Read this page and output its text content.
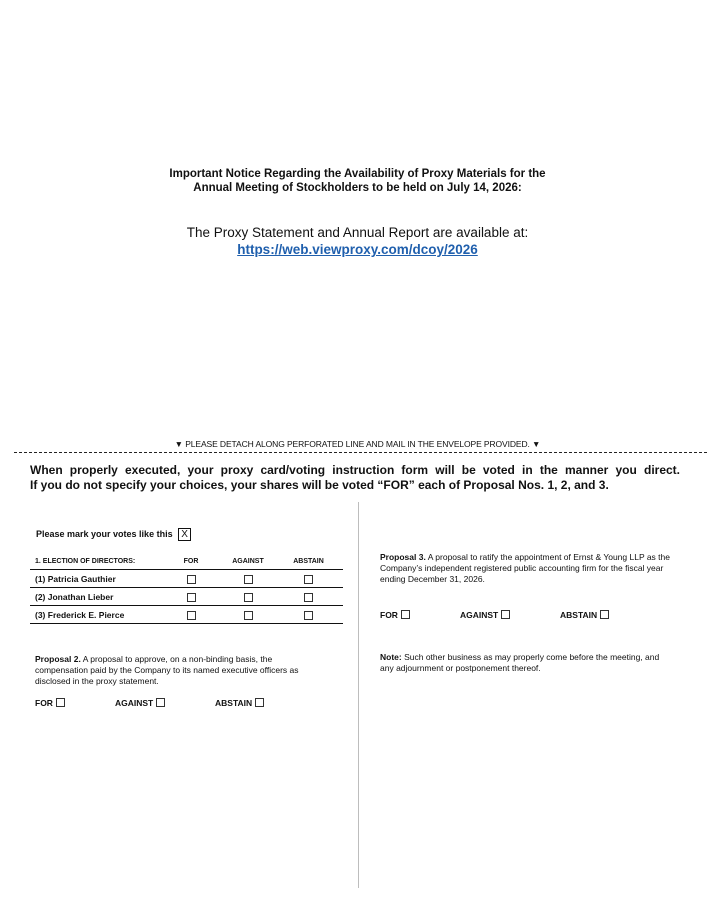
Important Notice Regarding the Availability of Proxy Materials for the
Annual Meeting of Stockholders to be held on July 14, 2026:
The Proxy Statement and Annual Report are available at:
https://web.viewproxy.com/dcoy/2026
▼ PLEASE DETACH ALONG PERFORATED LINE AND MAIL IN THE ENVELOPE PROVIDED. ▼
When properly executed, your proxy card/voting instruction form will be voted in the manner you direct.
If you do not specify your choices, your shares will be voted “FOR” each of Proposal Nos. 1, 2, and 3.
Please mark your votes like this X
1. ELECTION OF DIRECTORS:	FOR	AGAINST	ABSTAIN
(1) Patricia Gauthier			
(2) Jonathan Lieber			
(3) Frederick E. Pierce			
Proposal 2. A proposal to approve, on a non-binding basis, the compensation paid by the Company to its named executive officers as disclosed in the proxy statement.
FOR	AGAINST	ABSTAIN
Proposal 3. A proposal to ratify the appointment of Ernst & Young LLP as the Company’s independent registered public accounting firm for the fiscal year ending December 31, 2026.
FOR	AGAINST	ABSTAIN
Note: Such other business as may properly come before the meeting, and any adjournment or postponement thereof.
